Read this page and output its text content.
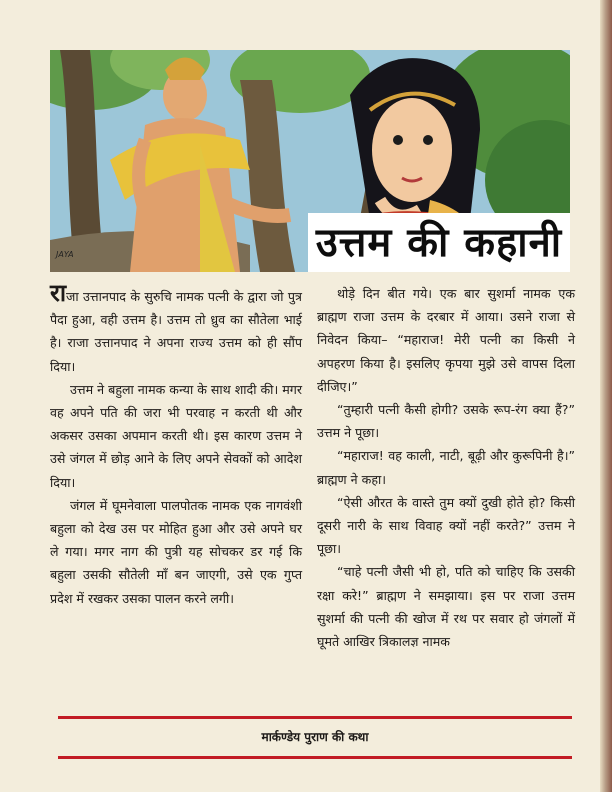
JAYA	उत्तम की कहानी

राजा उत्तानपाद के सुरुचि नामक पत्नी के द्वारा जो पुत्र पैदा हुआ, वही उत्तम है। उत्तम तो ध्रुव का सौतेला भाई है। राजा उत्तानपाद ने अपना राज्य उत्तम को ही सौंप दिया।

उत्तम ने बहुला नामक कन्या के साथ शादी की। मगर वह अपने पति की जरा भी परवाह न करती थी और अकसर उसका अपमान करती थी। इस कारण उत्तम ने उसे जंगल में छोड़ आने के लिए अपने सेवकों को आदेश दिया।

जंगल में घूमनेवाला पालपोतक नामक एक नागवंशी बहुला को देख उस पर मोहित हुआ और उसे अपने घर ले गया। मगर नाग की पुत्री यह सोचकर डर गई कि बहुला उसकी सौतेली माँ बन जाएगी, उसे एक गुप्त प्रदेश में रखकर उसका पालन करने लगी।

थोड़े दिन बीत गये। एक बार सुशर्मा नामक एक ब्राह्मण राजा उत्तम के दरबार में आया। उसने राजा से निवेदन किया– “महाराज! मेरी पत्नी का किसी ने अपहरण किया है। इसलिए कृपया मुझे उसे वापस दिला दीजिए।”

“तुम्हारी पत्नी कैसी होगी? उसके रूप-रंग क्या हैं?” उत्तम ने पूछा।

“महाराज! वह काली, नाटी, बूढ़ी और कुरूपिनी है।” ब्राह्मण ने कहा।

“ऐसी औरत के वास्ते तुम क्यों दुखी होते हो? किसी दूसरी नारी के साथ विवाह क्यों नहीं करते?” उत्तम ने पूछा।

“चाहे पत्नी जैसी भी हो, पति को चाहिए कि उसकी रक्षा करे!” ब्राह्मण ने समझाया। इस पर राजा उत्तम सुशर्मा की पत्नी की खोज में रथ पर सवार हो जंगलों में घूमते आखिर त्रिकालज्ञ नामक

मार्कण्डेय पुराण की कथा
